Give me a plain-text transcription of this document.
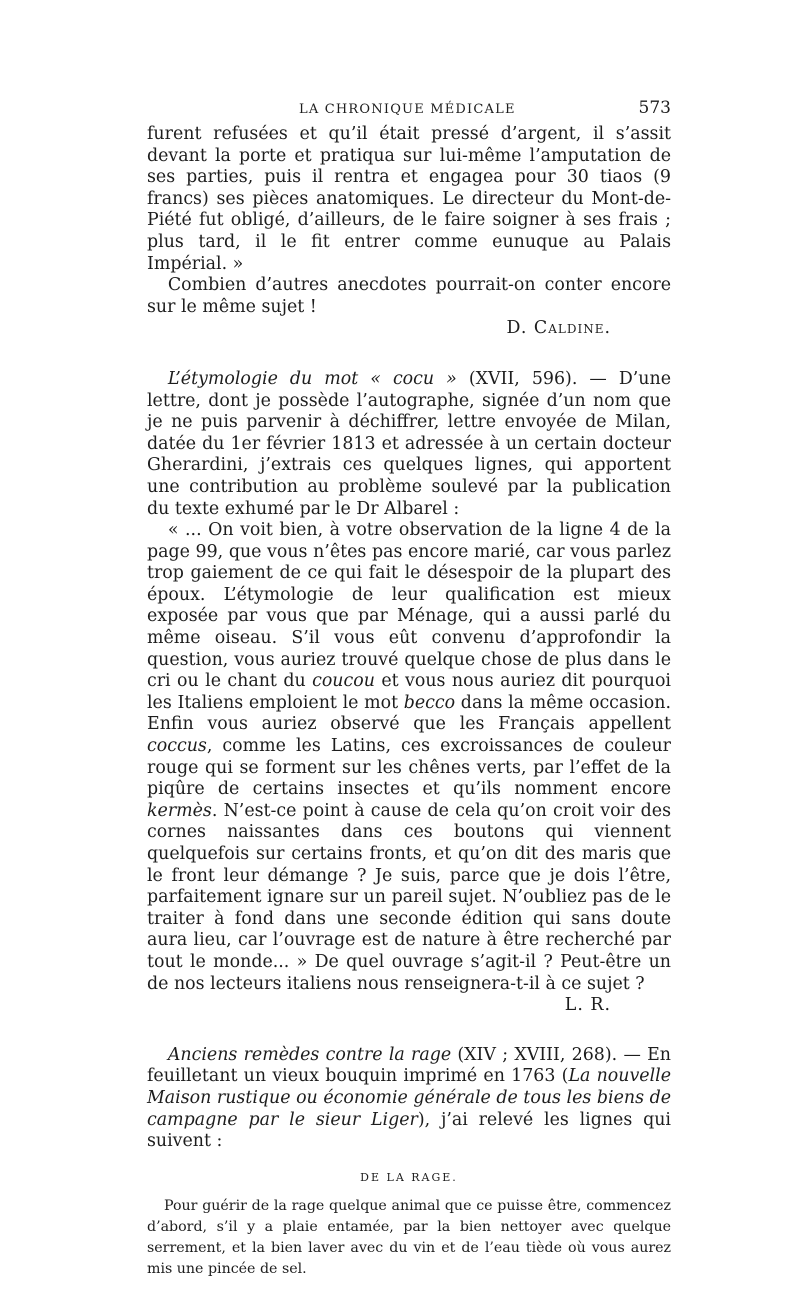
LA CHRONIQUE MÉDICALE	573

furent refusées et qu’il était pressé d’argent, il s’assit devant la porte et pratiqua sur lui-même l’amputation de ses parties, puis il rentra et engagea pour 30 tiaos (9 francs) ses pièces anatomiques. Le directeur du Mont-de-Piété fut obligé, d’ailleurs, de le faire soigner à ses frais ; plus tard, il le fit entrer comme eunuque au Palais Impérial. »

Combien d’autres anecdotes pourrait-on conter encore sur le même sujet !

D. Caldine.

L’étymologie du mot « cocu » (XVII, 596). — D’une lettre, dont je possède l’autographe, signée d’un nom que je ne puis parvenir à déchiffrer, lettre envoyée de Milan, datée du 1er février 1813 et adressée à un certain docteur Gherardini, j’extrais ces quelques lignes, qui apportent une contribution au problème soulevé par la publication du texte exhumé par le Dr Albarel :

« ... On voit bien, à votre observation de la ligne 4 de la page 99, que vous n’êtes pas encore marié, car vous parlez trop gaiement de ce qui fait le désespoir de la plupart des époux. L’étymologie de leur qualification est mieux exposée par vous que par Ménage, qui a aussi parlé du même oiseau. S’il vous eût convenu d’approfondir la question, vous auriez trouvé quelque chose de plus dans le cri ou le chant du coucou et vous nous auriez dit pourquoi les Italiens emploient le mot becco dans la même occasion. Enfin vous auriez observé que les Français appellent coccus, comme les Latins, ces excroissances de couleur rouge qui se forment sur les chênes verts, par l’effet de la piqûre de certains insectes et qu’ils nomment encore kermès. N’est-ce point à cause de cela qu’on croit voir des cornes naissantes dans ces boutons qui viennent quelquefois sur certains fronts, et qu’on dit des maris que le front leur démange ? Je suis, parce que je dois l’être, parfaitement ignare sur un pareil sujet. N’oubliez pas de le traiter à fond dans une seconde édition qui sans doute aura lieu, car l’ouvrage est de nature à être recherché par tout le monde... » De quel ouvrage s’agit-il ? Peut-être un de nos lecteurs italiens nous renseignera-t-il à ce sujet ?

L. R.

Anciens remèdes contre la rage (XIV ; XVIII, 268). — En feuilletant un vieux bouquin imprimé en 1763 (La nouvelle Maison rustique ou économie générale de tous les biens de campagne par le sieur Liger), j’ai relevé les lignes qui suivent :

DE LA RAGE.

Pour guérir de la rage quelque animal que ce puisse être, commencez d’abord, s’il y a plaie entamée, par la bien nettoyer avec quelque serrement, et la bien laver avec du vin et de l’eau tiède où vous aurez mis une pincée de sel.
